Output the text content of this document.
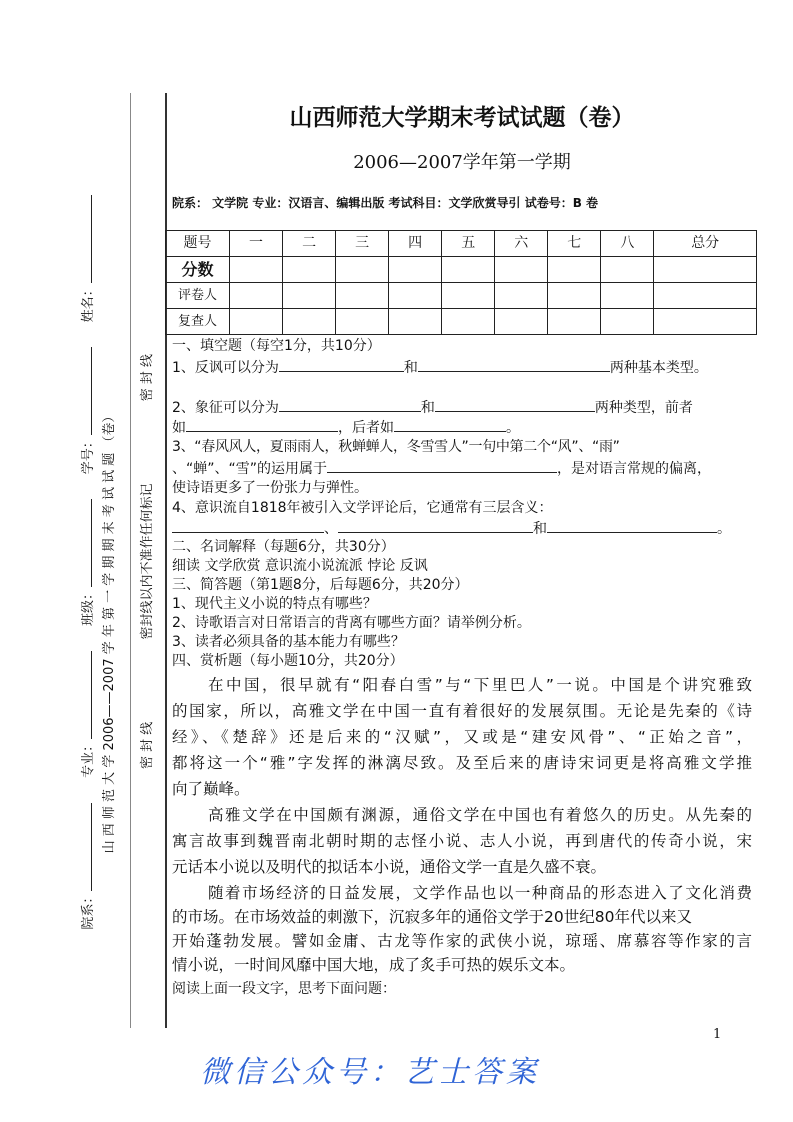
院系：      专业：      班级：      学号：      姓名：
山 西 师 范 大 学 2006——2007 学 年 第 一 学 期 期 末 考 试 试 题 （卷） 密 封 线
密封线以内不准作任何标记
密 封 线
山西师范大学期末考试试题（卷）
2006—2007学年第一学期
院系： 文学院 专业：汉语言、编辑出版 考试科目：文学欣赏导引 试卷号：B 卷
题号	一	二	三	四	五	六	七	八	总分
分数									
评卷人									
复查人									
一、填空题（每空1分，共10分）
1、反讽可以分为	和	两种基本类型。
2、象征可以分为	和	两种类型，前者
如	，后者如	。
3、“春风风人，夏雨雨人，秋蝉蝉人，冬雪雪人”一句中第二个“风”、“雨”
、“蝉”、“雪”的运用属于	，是对语言常规的偏离，
使诗语更多了一份张力与弹性。
4、意识流自1818年被引入文学评论后，它通常有三层含义：
、	和	。
二、名词解释（每题6分，共30分）
细读 文学欣赏 意识流小说流派 悖论 反讽
三、简答题（第1题8分，后每题6分，共20分）
1、现代主义小说的特点有哪些？
2、诗歌语言对日常语言的背离有哪些方面？请举例分析。
3、读者必须具备的基本能力有哪些？
四、赏析题（每小题10分，共20分）
在中国，很早就有“阳春白雪”与“下里巴人”一说。中国是个讲究雅致
的国家，所以，高雅文学在中国一直有着很好的发展氛围。无论是先秦的《诗
经》、《楚辞》还是后来的“汉赋”，又或是“建安风骨”、“正始之音”，
都将这一个“雅”字发挥的淋漓尽致。及至后来的唐诗宋词更是将高雅文学推
向了巅峰。
高雅文学在中国颇有渊源，通俗文学在中国也有着悠久的历史。从先秦的
寓言故事到魏晋南北朝时期的志怪小说、志人小说，再到唐代的传奇小说，宋
元话本小说以及明代的拟话本小说，通俗文学一直是久盛不衰。
随着市场经济的日益发展，文学作品也以一种商品的形态进入了文化消费
的市场。在市场效益的刺激下，沉寂多年的通俗文学于20世纪80年代以来又
开始蓬勃发展。譬如金庸、古龙等作家的武侠小说，琼瑶、席慕容等作家的言
情小说，一时间风靡中国大地，成了炙手可热的娱乐文本。
阅读上面一段文字，思考下面问题：
1
微信公众号：艺士答案
